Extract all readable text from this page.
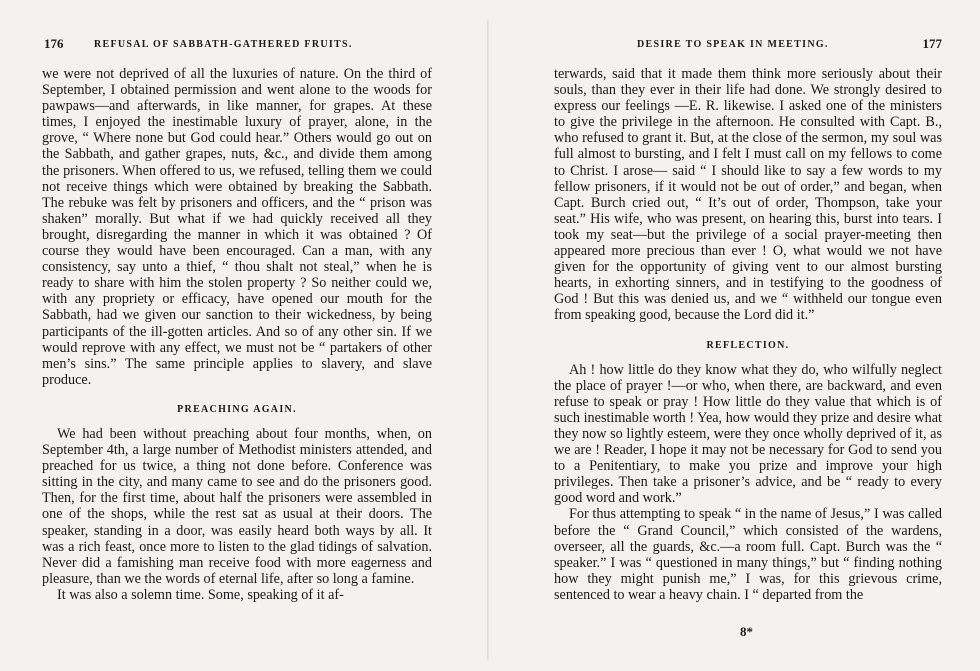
176	REFUSAL OF SABBATH-GATHERED FRUITS.

we were not deprived of all the luxuries of nature. On the third of September, I obtained permission and went alone to the woods for pawpaws—and afterwards, in like manner, for grapes. At these times, I enjoyed the inestimable luxury of prayer, alone, in the grove, “ Where none but God could hear.” Others would go out on the Sabbath, and gather grapes, nuts, &c., and divide them among the prisoners. When offered to us, we refused, telling them we could not receive things which were obtained by breaking the Sabbath. The rebuke was felt by prisoners and officers, and the “ prison was shaken” morally. But what if we had quickly received all they brought, disregarding the manner in which it was obtained ? Of course they would have been encouraged. Can a man, with any consistency, say unto a thief, “ thou shalt not steal,” when he is ready to share with him the stolen property ? So neither could we, with any propriety or efficacy, have opened our mouth for the Sabbath, had we given our sanction to their wickedness, by being participants of the ill-gotten articles. And so of any other sin. If we would reprove with any effect, we must not be “ partakers of other men’s sins.” The same principle applies to slavery, and slave produce.

PREACHING AGAIN.

We had been without preaching about four months, when, on September 4th, a large number of Methodist ministers attended, and preached for us twice, a thing not done before. Conference was sitting in the city, and many came to see and do the prisoners good. Then, for the first time, about half the prisoners were assembled in one of the shops, while the rest sat as usual at their doors. The speaker, standing in a door, was easily heard both ways by all. It was a rich feast, once more to listen to the glad tidings of salvation. Never did a famishing man receive food with more eagerness and pleasure, than we the words of eternal life, after so long a famine.

It was also a solemn time. Some, speaking of it af-

DESIRE TO SPEAK IN MEETING.	177

terwards, said that it made them think more seriously about their souls, than they ever in their life had done. We strongly desired to express our feelings —E. R. likewise. I asked one of the ministers to give the privilege in the afternoon. He consulted with Capt. B., who refused to grant it. But, at the close of the sermon, my soul was full almost to bursting, and I felt I must call on my fellows to come to Christ. I arose— said “ I should like to say a few words to my fellow prisoners, if it would not be out of order,” and began, when Capt. Burch cried out, “ It’s out of order, Thompson, take your seat.” His wife, who was present, on hearing this, burst into tears. I took my seat—but the privilege of a social prayer-meeting then appeared more precious than ever ! O, what would we not have given for the opportunity of giving vent to our almost bursting hearts, in exhorting sinners, and in testifying to the goodness of God ! But this was denied us, and we “ withheld our tongue even from speaking good, because the Lord did it.”

REFLECTION.

Ah ! how little do they know what they do, who wilfully neglect the place of prayer !—or who, when there, are backward, and even refuse to speak or pray ! How little do they value that which is of such inestimable worth ! Yea, how would they prize and desire what they now so lightly esteem, were they once wholly deprived of it, as we are ! Reader, I hope it may not be necessary for God to send you to a Penitentiary, to make you prize and improve your high privileges. Then take a prisoner’s advice, and be “ ready to every good word and work.”

For thus attempting to speak “ in the name of Jesus,” I was called before the “ Grand Council,” which consisted of the wardens, overseer, all the guards, &c.—a room full. Capt. Burch was the “ speaker.” I was “ questioned in many things,” but “ finding nothing how they might punish me,” I was, for this grievous crime, sentenced to wear a heavy chain. I “ departed from the

8*
